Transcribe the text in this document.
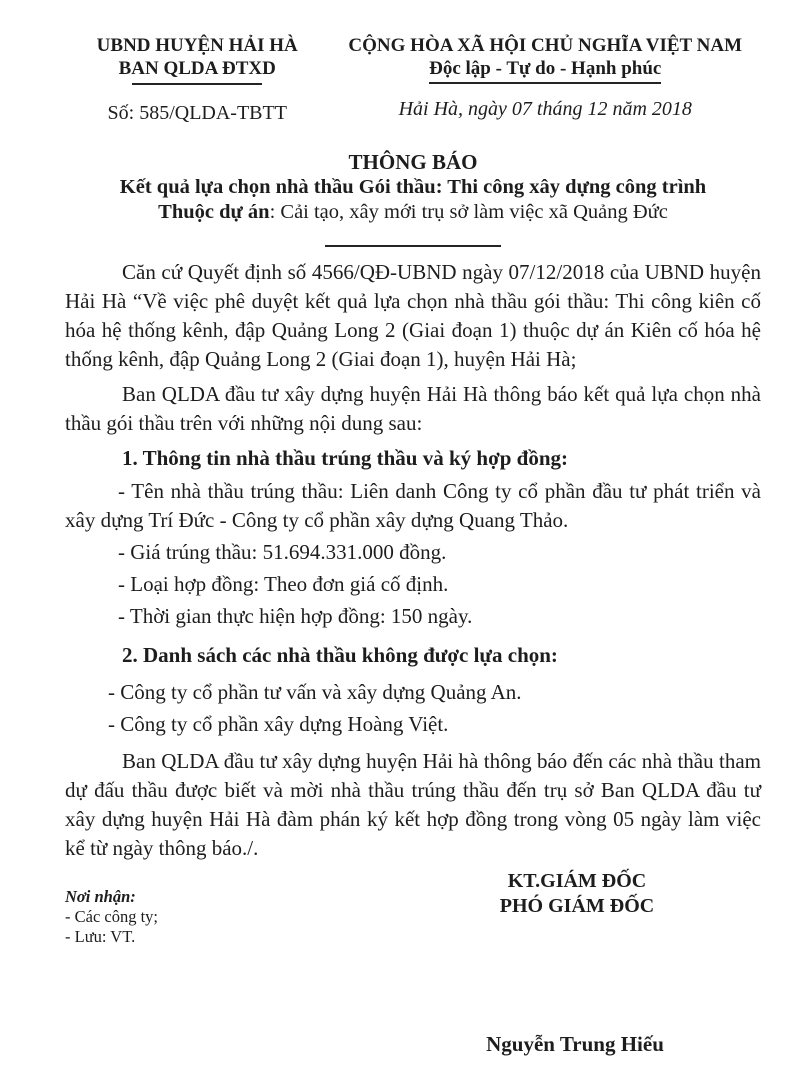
UBND HUYỆN HẢI HÀ
BAN QLDA ĐTXD
Số: 585/QLDA-TBTT
CỘNG HÒA XÃ HỘI CHỦ NGHĨA VIỆT NAM
Độc lập - Tự do - Hạnh phúc
Hải Hà, ngày 07 tháng 12 năm 2018
THÔNG BÁO
Kết quả lựa chọn nhà thầu Gói thầu: Thi công xây dựng công trình
Thuộc dự án: Cải tạo, xây mới trụ sở làm việc xã Quảng Đức

Căn cứ Quyết định số 4566/QĐ-UBND ngày 07/12/2018 của UBND huyện Hải Hà “Về việc phê duyệt kết quả lựa chọn nhà thầu gói thầu: Thi công kiên cố hóa hệ thống kênh, đập Quảng Long 2 (Giai đoạn 1) thuộc dự án Kiên cố hóa hệ thống kênh, đập Quảng Long 2 (Giai đoạn 1), huyện Hải Hà;

Ban QLDA đầu tư xây dựng huyện Hải Hà thông báo kết quả lựa chọn nhà thầu gói thầu trên với những nội dung sau:

1. Thông tin nhà thầu trúng thầu và ký hợp đồng:

- Tên nhà thầu trúng thầu: Liên danh Công ty cổ phần đầu tư phát triển và xây dựng Trí Đức - Công ty cổ phần xây dựng Quang Thảo.

- Giá trúng thầu: 51.694.331.000 đồng.

- Loại hợp đồng: Theo đơn giá cố định.

- Thời gian thực hiện hợp đồng: 150 ngày.

2. Danh sách các nhà thầu không được lựa chọn:

- Công ty cổ phần tư vấn và xây dựng Quảng An.

- Công ty cổ phần xây dựng Hoàng Việt.

Ban QLDA đầu tư xây dựng huyện Hải hà thông báo đến các nhà thầu tham dự đấu thầu được biết và mời nhà thầu trúng thầu đến trụ sở Ban QLDA đầu tư xây dựng huyện Hải Hà đàm phán ký kết hợp đồng trong vòng 05 ngày làm việc kể từ ngày thông báo./.

Nơi nhận:
- Các công ty;
- Lưu: VT.
KT.GIÁM ĐỐC
PHÓ GIÁM ĐỐC
Nguyễn Trung Hiếu
